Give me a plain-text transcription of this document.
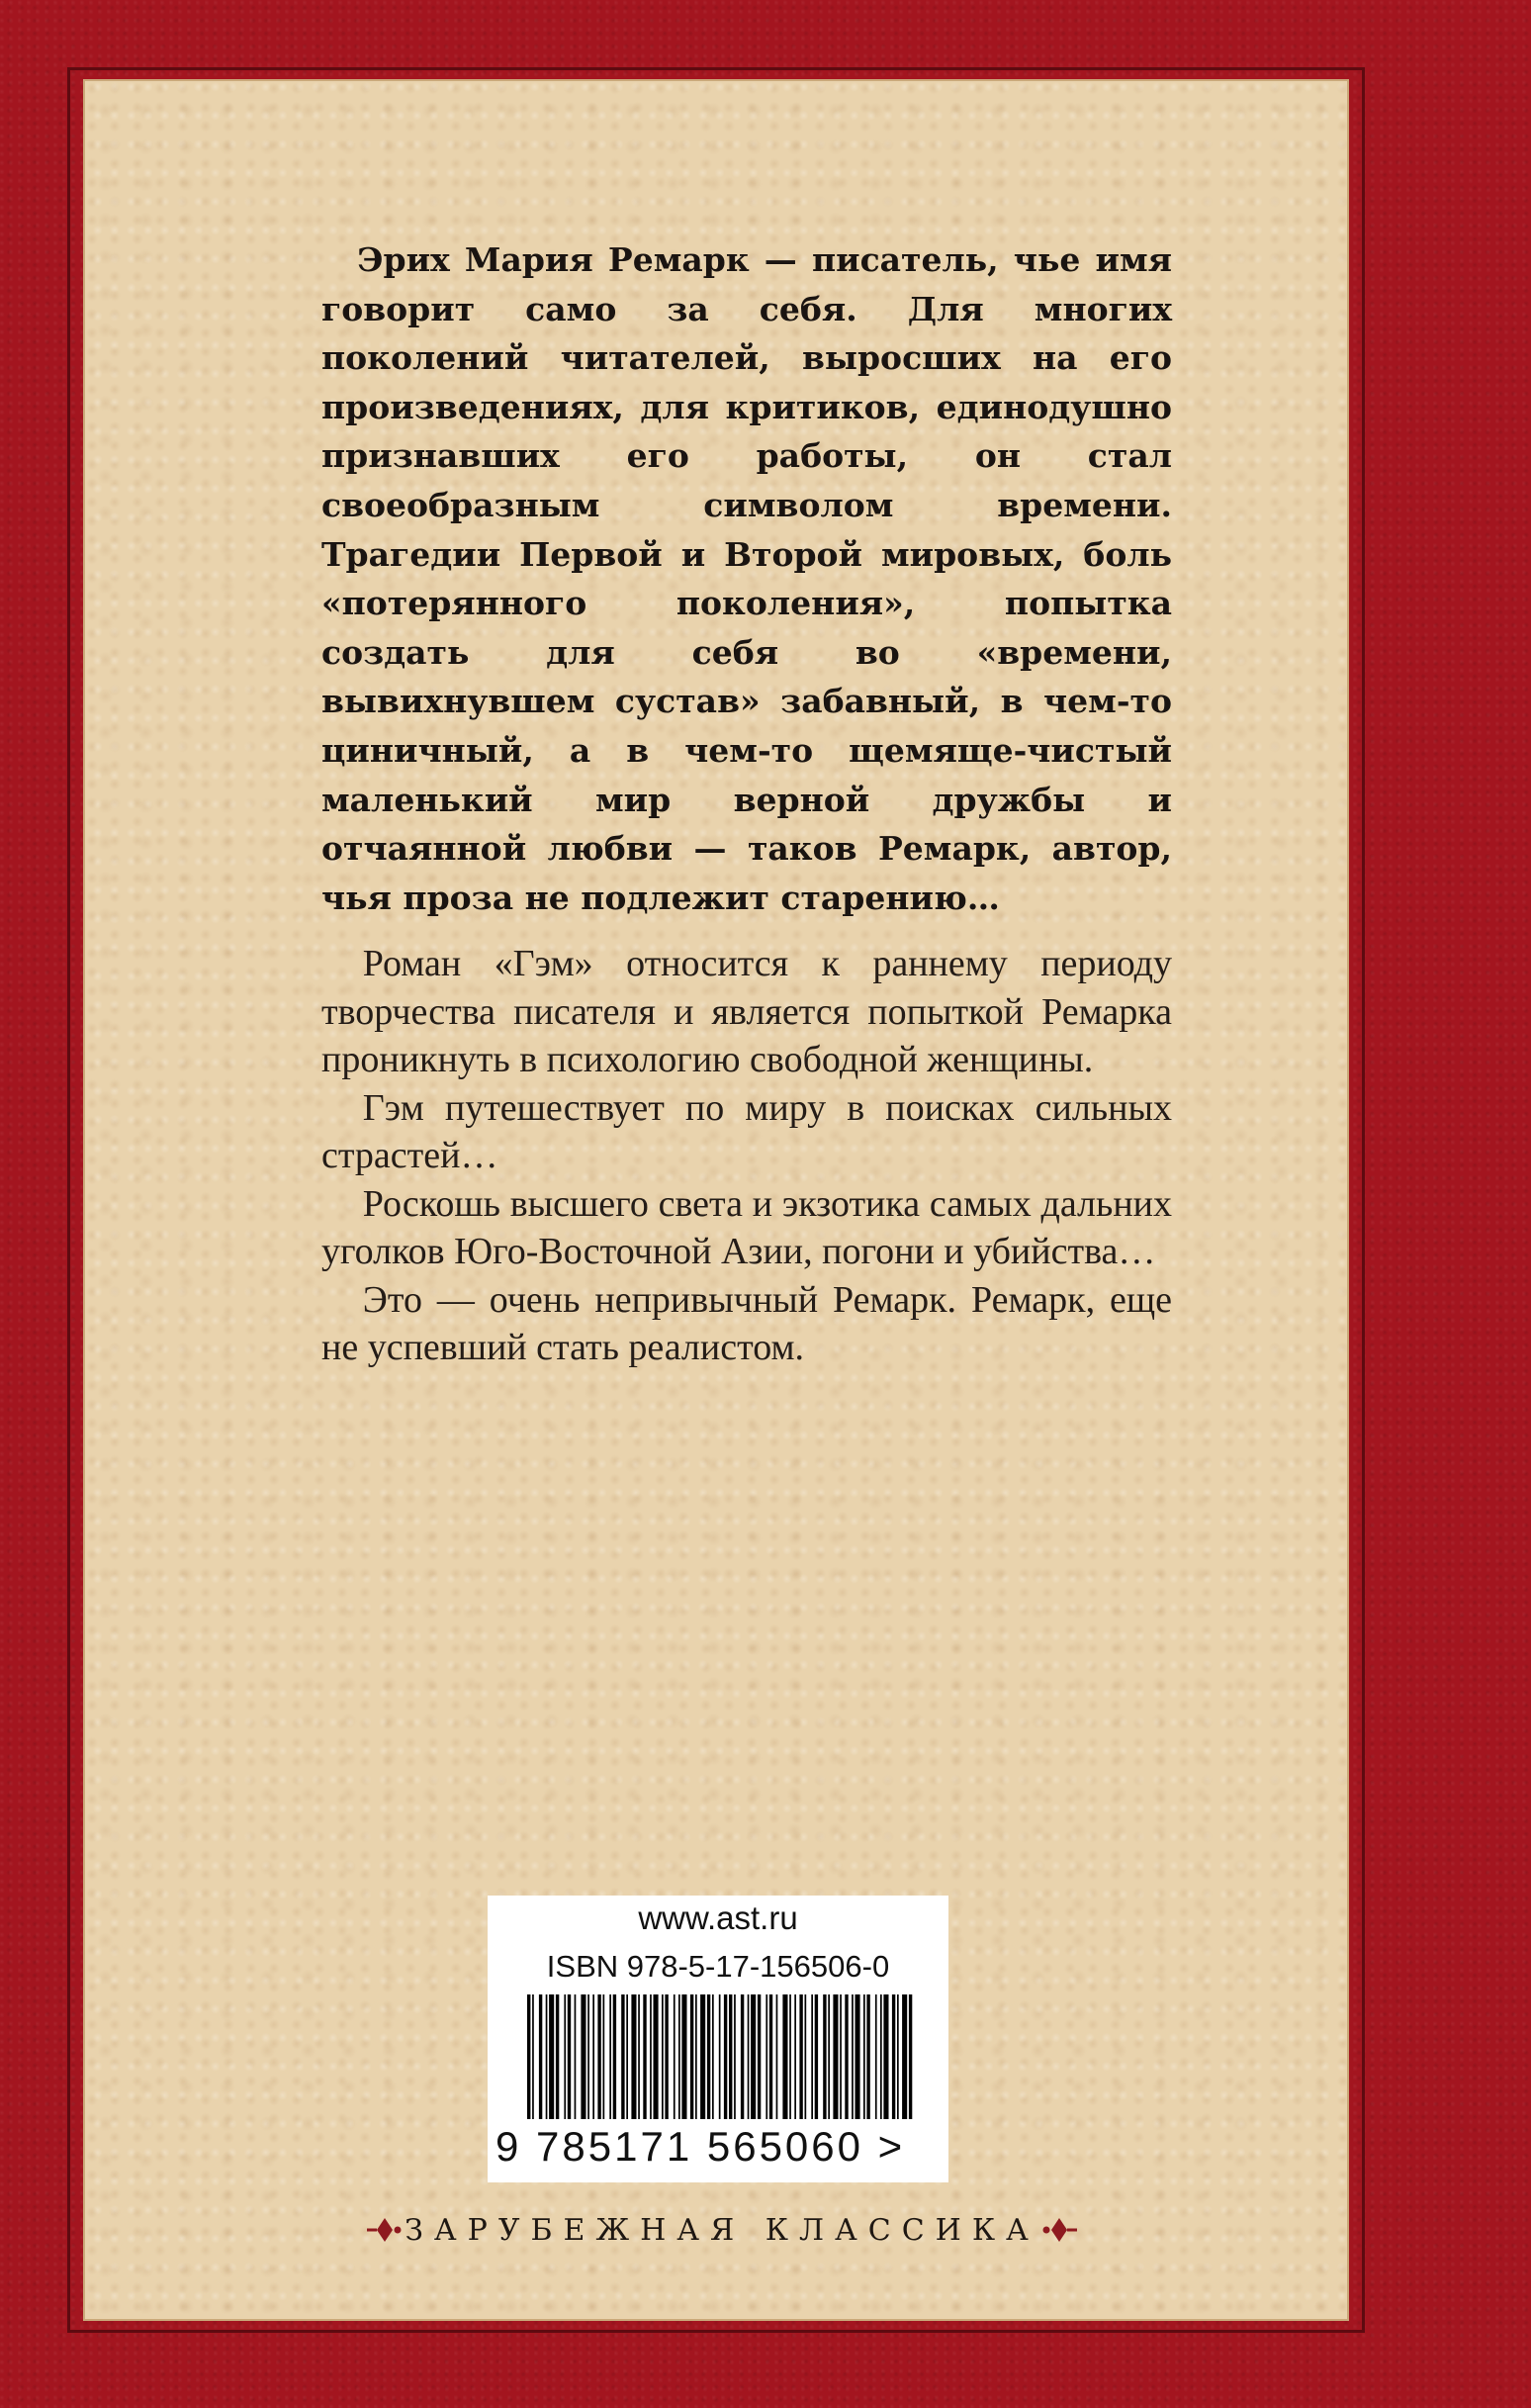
Эрих Мария Ремарк — писатель, чье имя говорит само за себя. Для многих поколений читателей, выросших на его произведениях, для критиков, единодушно признавших его работы, он стал своеобразным символом времени. Трагедии Первой и Второй мировых, боль «потерянного поколения», попытка создать для себя во «времени, вывихнувшем сустав» забавный, в чем-то циничный, а в чем-то щемяще-чистый маленький мир верной дружбы и отчаянной любви — таков Ремарк, автор, чья проза не подлежит старению…

Роман «Гэм» относится к раннему периоду творчества писателя и является попыткой Ремарка проникнуть в психологию свободной женщины.

Гэм путешествует по миру в поисках сильных страстей…

Роскошь высшего света и экзотика самых дальних уголков Юго-Восточной Азии, погони и убийства…

Это — очень непривычный Ремарк. Ремарк, еще не успевший стать реалистом.

www.ast.ru
ISBN 978-5-17-156506-0
9 785171 565060 >
ЗАРУБЕЖНАЯ КЛАССИКА
